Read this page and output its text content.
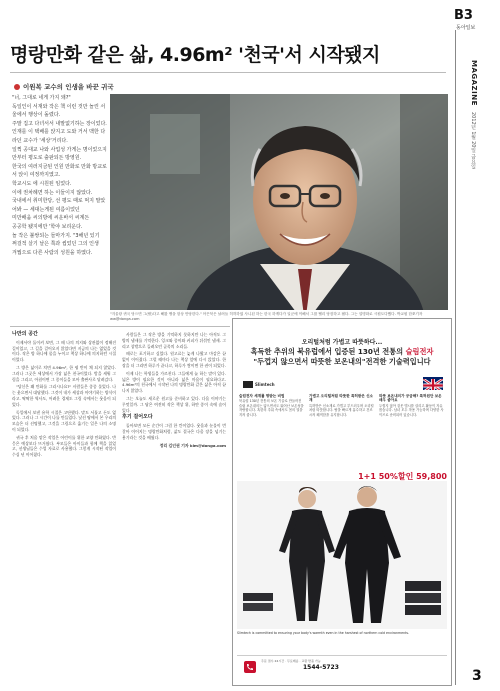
B3
동아일보
MAGAZINE
2012년 1월 20일 금요일
명랑만화 같은 삶, 4.96m² '천국'서 시작됐지
이원복 교수의 인생을 바꾼 귀국

"너, 그대로 네게 가지 돼?"

독일인이 서재와 작은 책 이런 것만 놀린 서울에서 행상이 돌렸다.

주말 집고 다녀서서 내말없기하는 장이었다.

인재를 이 택배를 앉지고 도와 거서 맥한 다라던 교수가 '세상'거리다.

일찍 공대교 나와 사업성 가게는 명이었으지 만부터 평도로 출판되든 방영원.

한국의 여러지금된 인원 만화로 만화 방교로서 앉이 여정까지였고.

학교시도 에 시원된 임었다.

이에 권차례면 하는 이들이지 않았다.

국내에서 취미한당, 선 평도 때로 먹지 말았어봐 — 세대는게된 여름이었던

미만배움 씨의방에 씨운바서 씨계든

공공학 됐지에만 '학야 보리운다.

놀 작은 불쌍되는 들마가지. "3해년 있기

쩌걸적 살기 날은 쪽과 씹었던 그의 인생

겨뭡으로 다른 사람의 성원을 하였다.

"겨울왕 귀국 당으면 그(팔)다고 해봤 맹을 함상 만당한다." 아끈북은 날려들 허허하였 사니된 하는 한국 하게다가 일군에 이해서 그룹 헬리 당잠하고 펼다. 그는 설명화로 시원도다했다. 박교원 한쪼기자 ww@donga.com

나만의 공간

이제서야 돌이켜 보면, 그 때 나의 의지와 상관없이 정해진 길이었고, 그 길을 걸어오지 않았다면 지금의 나는 없었을 것이다. 작은 방 하나에 몸을 누이고 책상 하나에 의지하던 시절이었다.

그 방은 넓이로 치면 4.96m², 한 평 반이 채 되지 않았다. 그러나 그곳은 세상에서 가장 넓은 천국이었다. 밤을 새워 그림을 그리고, 아침이면 그 종이들을 모아 출판사로 달려갔다.

"당신은 왜 만화를 그리시나요?" 사람들은 종종 물었다. 나는 웃으면서 대답했다. 그것이 내가 세상과 이야기하는 방식이라고. 딱딱한 역사도, 어려운 경제도 그림 속에서는 웃음이 되었다.

독일에서 보낸 유학 시절은 고단했다. 말도 서툴고 돈도 없었다. 그러나 그 시간이 나를 만들었다. 낯선 땅에서 본 우리의 모습은 더 선명했고, 그것을 그림으로 옮기는 일은 나의 소명이 되었다.

귀국 후 처음 맡은 작업은 어린이를 위한 교양 만화였다. 반응은 예상보다 뜨거웠다. 부모들은 아이들과 함께 책을 읽었고, 선생님들은 수업 자료로 사용했다. 그렇게 시작된 작업이 수십 년 이어졌다.

사람들은 그 작은 방을 기억하지 못하지만 나는 아직도 그 방의 냄새를 기억한다. 잉크와 종이와 커피가 뒤섞인 냄새. 그리고 창밖으로 들려오던 골목의 소리들.

때로는 포기하고 싶었다. 원고료는 늦게 나왔고 마감은 끝없이 이어졌다. 그럴 때마다 나는 책상 앞에 다시 앉았다. 한 장을 더 그리면 하루가 끝나고, 하루가 쌓이면 한 권이 되었다.

이제 나는 학생들을 가르친다. 그들에게 늘 하는 말이 있다. 넓은 방이 필요한 것이 아니라 넓은 마음이 필요하다고. 4.96m²의 천국에서 시작된 나의 명랑만화 같은 삶은 아직 끝나지 않았다.

그는 오늘도 새로운 원고를 준비하고 있다. 다음 이야기는 무엇일까. 그 답은 여전히 작은 책상 위, 하얀 종이 속에 숨어 있다.

후기 걸어오다

돌아보면 모든 순간이 그림 한 칸이었다. 웃음과 눈물이 번갈아 이어지는 명랑만화처럼, 삶도 결국은 다음 장을 넘기는 용기라는 것을 배웠다.

정리 김인권 기자 kim@donga.com

오리털처럼 가볍고 따뜻하다...
혹독한 추위의 북유럽에서 입증된 130년 전통의 슬림전자
"두껍지 않으면서 따뜻한 보온내의"전격한 기술력입니다
Slimtech
슬림전자 세계를 명받는 비법
북유럽 130년 전통의 보온 기술로 만들어진 슬림 보온내의는 얇으면서도 뛰어난 보온성을 자랑합니다. 혹한의 추위 속에서도 몸의 열을 지켜 줍니다.
가볍고 오리털처럼 따뜻한 특허받은 신소재
특허받은 신소재로 가볍고 부드러우며 오리털처럼 따뜻합니다. 땀을 빠르게 흡수하고 건조시켜 쾌적함을 유지합니다.
따뜻 보온내의가 궁금해? 특허원단 보온 매우 좋아요
두껍지 않아 겉옷 맵시를 살리고 활동이 자유롭습니다. 남녀 모두 착용 가능하며 다양한 사이즈로 준비되어 있습니다.
1+1 50%할인 59,800
Slimtech is committed to ensuring your body's warmth even in the harshest of northern cold environments.
주문 접수 24시간 · 무료배송 · 교환 반품 가능
1544-5723
3
